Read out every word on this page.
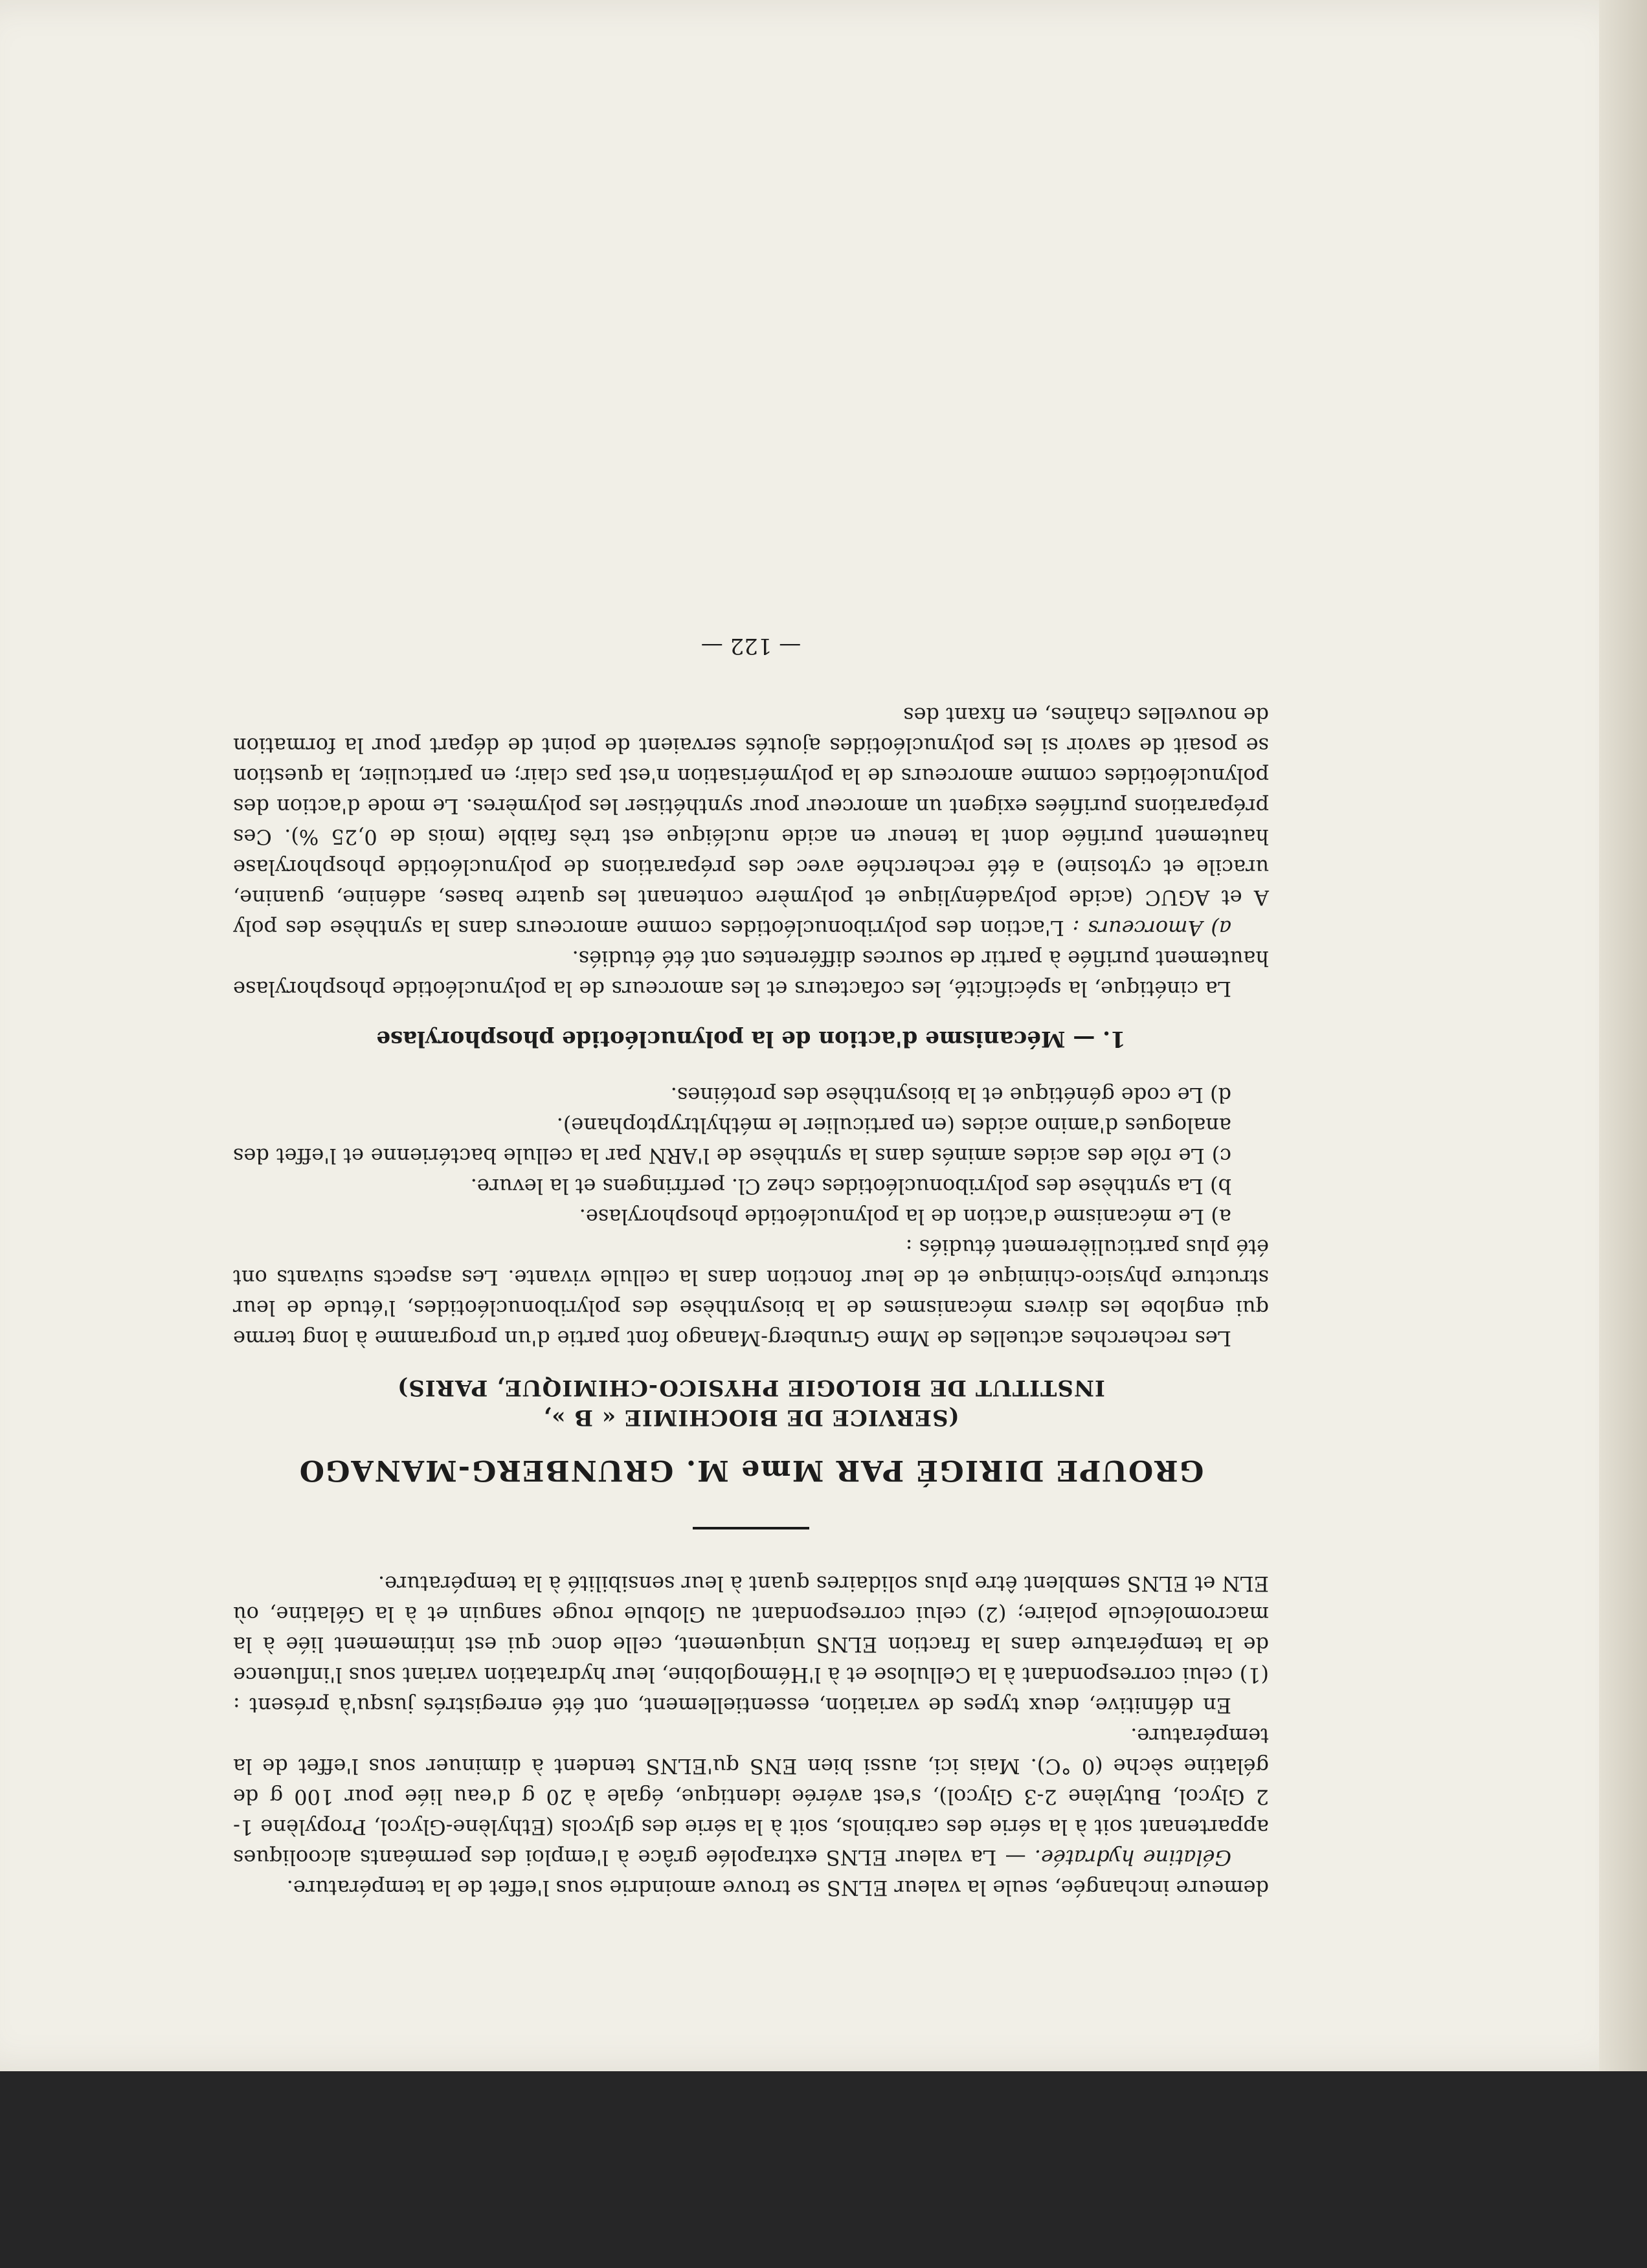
demeure inchangée, seule la valeur ELNS se trouve amoindrie sous l'effet de la température.

Gélatine hydratée. — La valeur ELNS extrapolée grâce à l'emploi des perméants alcooliques appartenant soit à la série des carbinols, soit à la série des glycols (Ethylène-Glycol, Propylène 1-2 Glycol, Butylène 2-3 Glycol), s'est avérée identique, égale à 20 g d'eau liée pour 100 g de gélatine sèche (0 °C). Mais ici, aussi bien ENS qu'ELNS tendent à diminuer sous l'effet de la température.

En définitive, deux types de variation, essentiellement, ont été enregistrés jusqu'à présent : (1) celui correspondant à la Cellulose et à l'Hémoglobine, leur hydratation variant sous l'influence de la température dans la fraction ELNS uniquement, celle donc qui est intimement liée à la macromolécule polaire; (2) celui correspondant au Globule rouge sanguin et à la Gélatine, où ELN et ELNS semblent être plus solidaires quant à leur sensibilité à la température.

GROUPE DIRIGÉ PAR Mme M. GRUNBERG-MANAGO
(SERVICE DE BIOCHIMIE « B »,
INSTITUT DE BIOLOGIE PHYSICO-CHIMIQUE, PARIS)

Les recherches actuelles de Mme Grunberg-Manago font partie d'un programme à long terme qui englobe les divers mécanismes de la biosynthèse des polyribonucléotides, l'étude de leur structure physico-chimique et de leur fonction dans la cellule vivante. Les aspects suivants ont été plus particulièrement étudiés :

a) Le mécanisme d'action de la polynucléotide phosphorylase.

b) La synthèse des polyribonucléotides chez Cl. perfringens et la levure.

c) Le rôle des acides aminés dans la synthèse de l'ARN par la cellule bactérienne et l'effet des analogues d'amino acides (en particulier le méthyltryptophane).

d) Le code génétique et la biosynthèse des protéines.

1. — Mécanisme d'action de la polynucléotide phosphorylase

La cinétique, la spécificité, les cofacteurs et les amorceurs de la polynucléotide phosphorylase hautement purifiée à partir de sources différentes ont été étudiés.

a) Amorceurs : L'action des polyribonucléotides comme amorceurs dans la synthèse des poly A et AGUC (acide polyadénylique et polymère contenant les quatre bases, adénine, guanine, uracile et cytosine) a été recherchée avec des préparations de polynucléotide phosphorylase hautement purifiée dont la teneur en acide nucléique est très faible (mois de 0,25 %). Ces préparations purifiées exigent un amorceur pour synthétiser les polymères. Le mode d'action des polynucléotides comme amorceurs de la polymérisation n'est pas clair; en particulier, la question se posait de savoir si les polynucléotides ajoutés servaient de point de départ pour la formation de nouvelles chaînes, en fixant des

— 122 —
